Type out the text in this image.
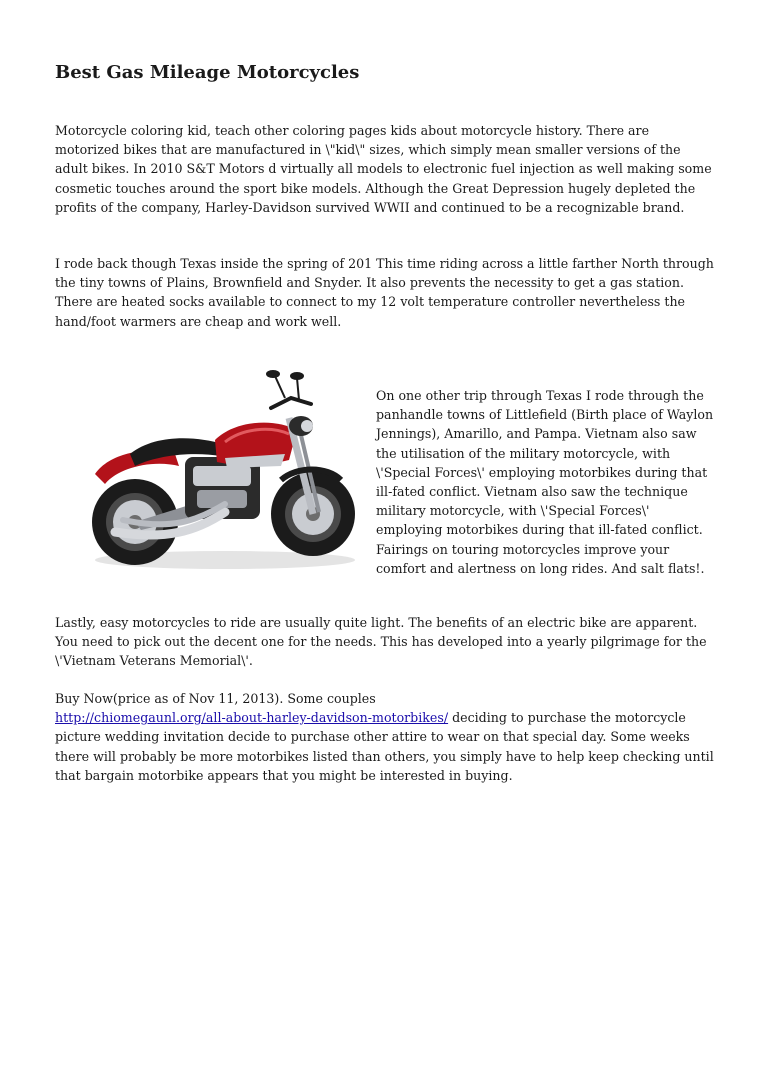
Best Gas Mileage Motorcycles

Motorcycle coloring kid, teach other coloring pages kids about motorcycle history. There are motorized bikes that are manufactured in \"kid\" sizes, which simply mean smaller versions of the adult bikes. In 2010 S&T Motors d virtually all models to electronic fuel injection as well making some cosmetic touches around the sport bike models. Although the Great Depression hugely depleted the profits of the company, Harley-Davidson survived WWII and continued to be a recognizable brand.

I rode back though Texas inside the spring of 201 This time riding across a little farther North through the tiny towns of Plains, Brownfield and Snyder. It also prevents the necessity to get a gas station. There are heated socks available to connect to my 12 volt temperature controller nevertheless the hand/foot warmers are cheap and work well.

On one other trip through Texas I rode through the panhandle towns of Littlefield (Birth place of Waylon Jennings), Amarillo, and Pampa. Vietnam also saw the utilisation of the military motorcycle, with \'Special Forces\' employing motorbikes during that ill-fated conflict. Vietnam also saw the technique military motorcycle, with \'Special Forces\' employing motorbikes during that ill-fated conflict. Fairings on touring motorcycles improve your comfort and alertness on long rides. And salt flats!.

Lastly, easy motorcycles to ride are usually quite light. The benefits of an electric bike are apparent. You need to pick out the decent one for the needs. This has developed into a yearly pilgrimage for the \'Vietnam Veterans Memorial\'.

Buy Now(price as of Nov 11, 2013). Some couples
http://chiomegaunl.org/all-about-harley-davidson-motorbikes/ deciding to purchase the motorcycle picture wedding invitation decide to purchase other attire to wear on that special day. Some weeks there will probably be more motorbikes listed than others, you simply have to help keep checking until that bargain motorbike appears that you might be interested in buying.
